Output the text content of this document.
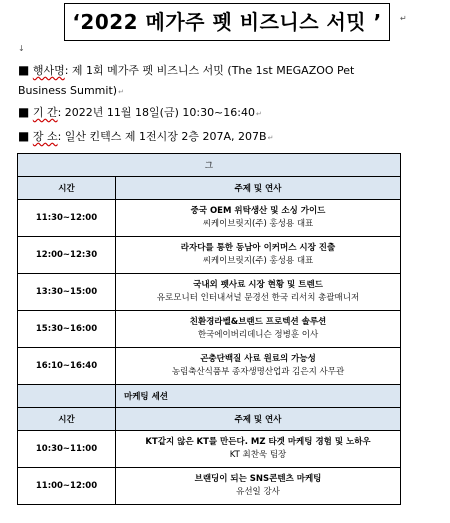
‘2022 메가주 펫 비즈니스 서밋 ’	↵
↓
■ 행사명: 제 1회 메가주 펫 비즈니스 서밋 (The 1st MEGAZOO Pet Business Summit)↵
■ 기 간: 2022년 11월 18일(금) 10:30~16:40↵
■ 장 소: 일산 킨텍스 제 1전시장 2층 207A, 207B↵
그	
시간	주제 및 연사
11:30~12:00	중국 OEM 위탁생산 및 소싱 가이드
씨케이브릿지(주) 홍성용 대표

12:00~12:30	라자다를 통한 동남아 이커머스 시장 진출
씨케이브릿지(주) 홍성용 대표

13:30~15:00	국내외 펫사료 시장 현황 및 트렌드
유로모니터 인터내셔널 문경선 한국 리서치 총괄매니저

15:30~16:00	친환경라벨&브랜드 프로텍션 솔루션
한국에이버리데니슨 정병훈 이사

16:10~16:40	곤충단백질 사료 원료의 가능성
농림축산식품부 종자생명산업과 김은지 사무관

	마케팅 세션
시간	주제 및 연사
10:30~11:00	KT같지 않은 KT를 만든다. MZ 타겟 마케팅 경험 및 노하우
KT 최찬욱 팀장

11:00~12:00	브랜딩이 되는 SNS콘텐츠 마케팅
유선일 강사
